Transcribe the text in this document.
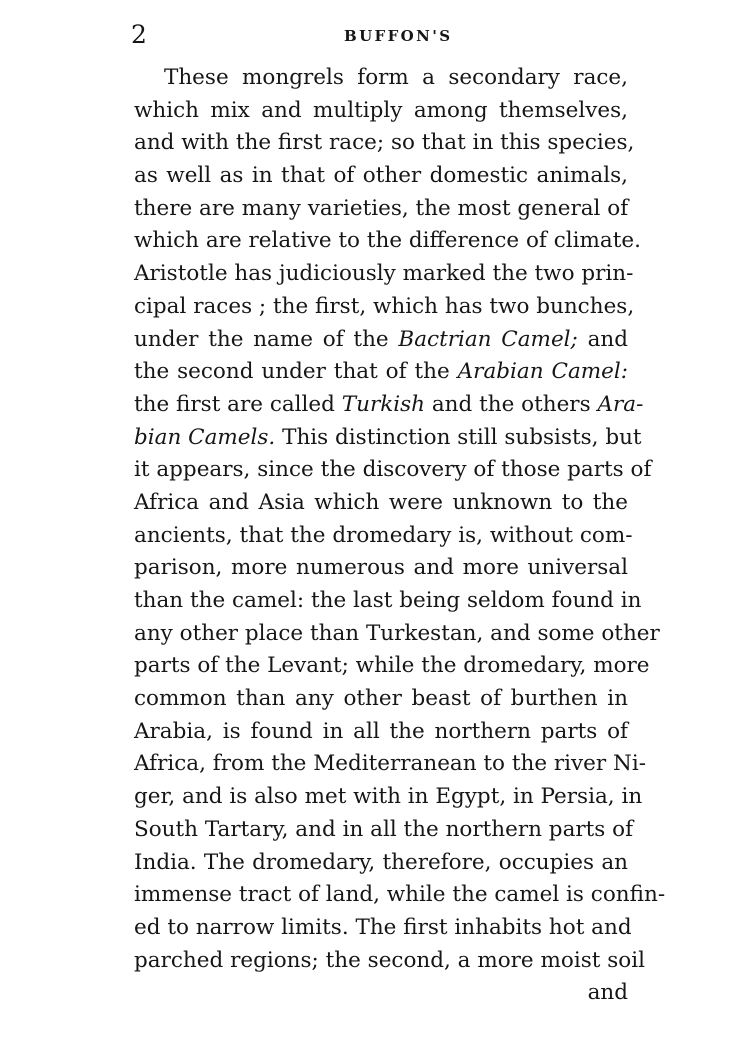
2	BUFFON'S
These mongrels form a secondary race,
which mix and multiply among themselves,
and with the first race; so that in this species,
as well as in that of other domestic animals,
there are many varieties, the most general of
which are relative to the difference of climate.
Aristotle has judiciously marked the two prin-
cipal races ; the first, which has two bunches,
under the name of the Bactrian Camel; and
the second under that of the Arabian Camel:
the first are called Turkish and the others Ara-
bian Camels. This distinction still subsists, but
it appears, since the discovery of those parts of
Africa and Asia which were unknown to the
ancients, that the dromedary is, without com-
parison, more numerous and more universal
than the camel: the last being seldom found in
any other place than Turkestan, and some other
parts of the Levant; while the dromedary, more
common than any other beast of burthen in
Arabia, is found in all the northern parts of
Africa, from the Mediterranean to the river Ni-
ger, and is also met with in Egypt, in Persia, in
South Tartary, and in all the northern parts of
India. The dromedary, therefore, occupies an
immense tract of land, while the camel is confin-
ed to narrow limits. The first inhabits hot and
parched regions; the second, a more moist soil
and
